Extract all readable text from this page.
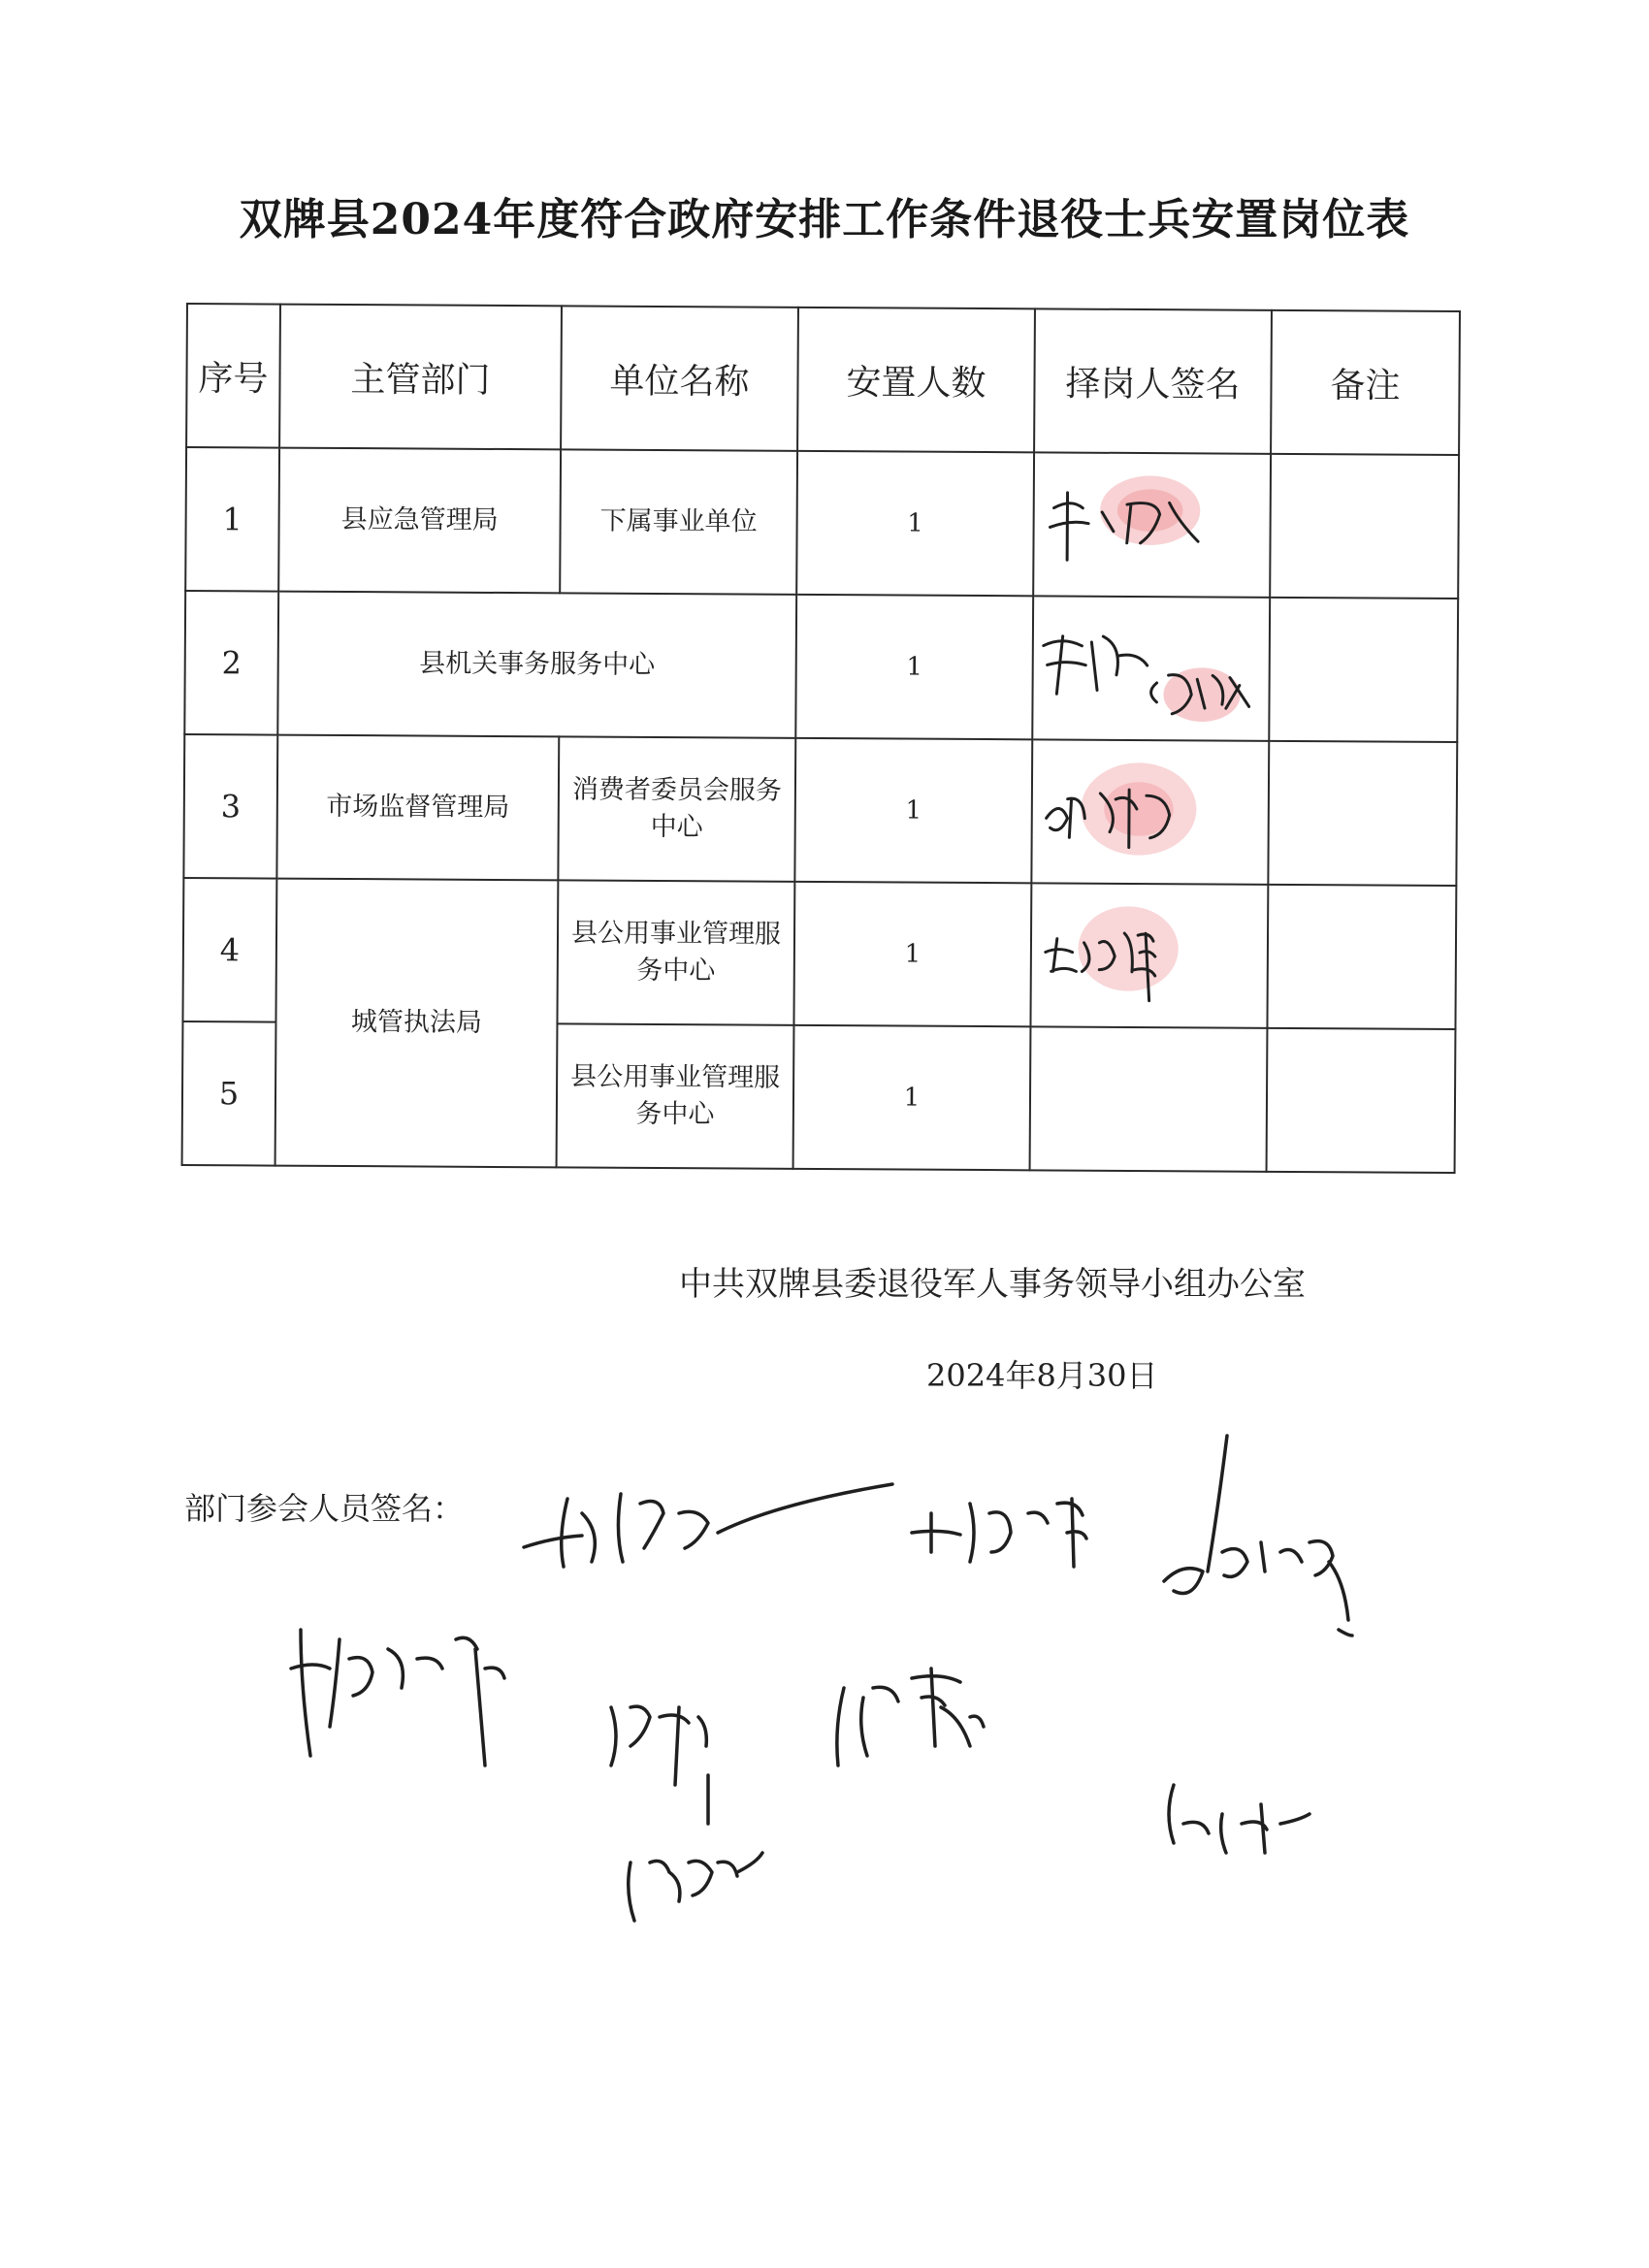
双牌县2024年度符合政府安排工作条件退役士兵安置岗位表
序号	主管部门	单位名称	安置人数	择岗人签名	备注
1	县应急管理局	下属事业单位	1	

2	县机关事务服务中心		1	

3	市场监督管理局	消费者委员会服务中心	1	

4	城管执法局	县公用事业管理服务中心	1	

5		县公用事业管理服务中心	1		
中共双牌县委退役军人事务领导小组办公室
2024年8月30日
部门参会人员签名：
